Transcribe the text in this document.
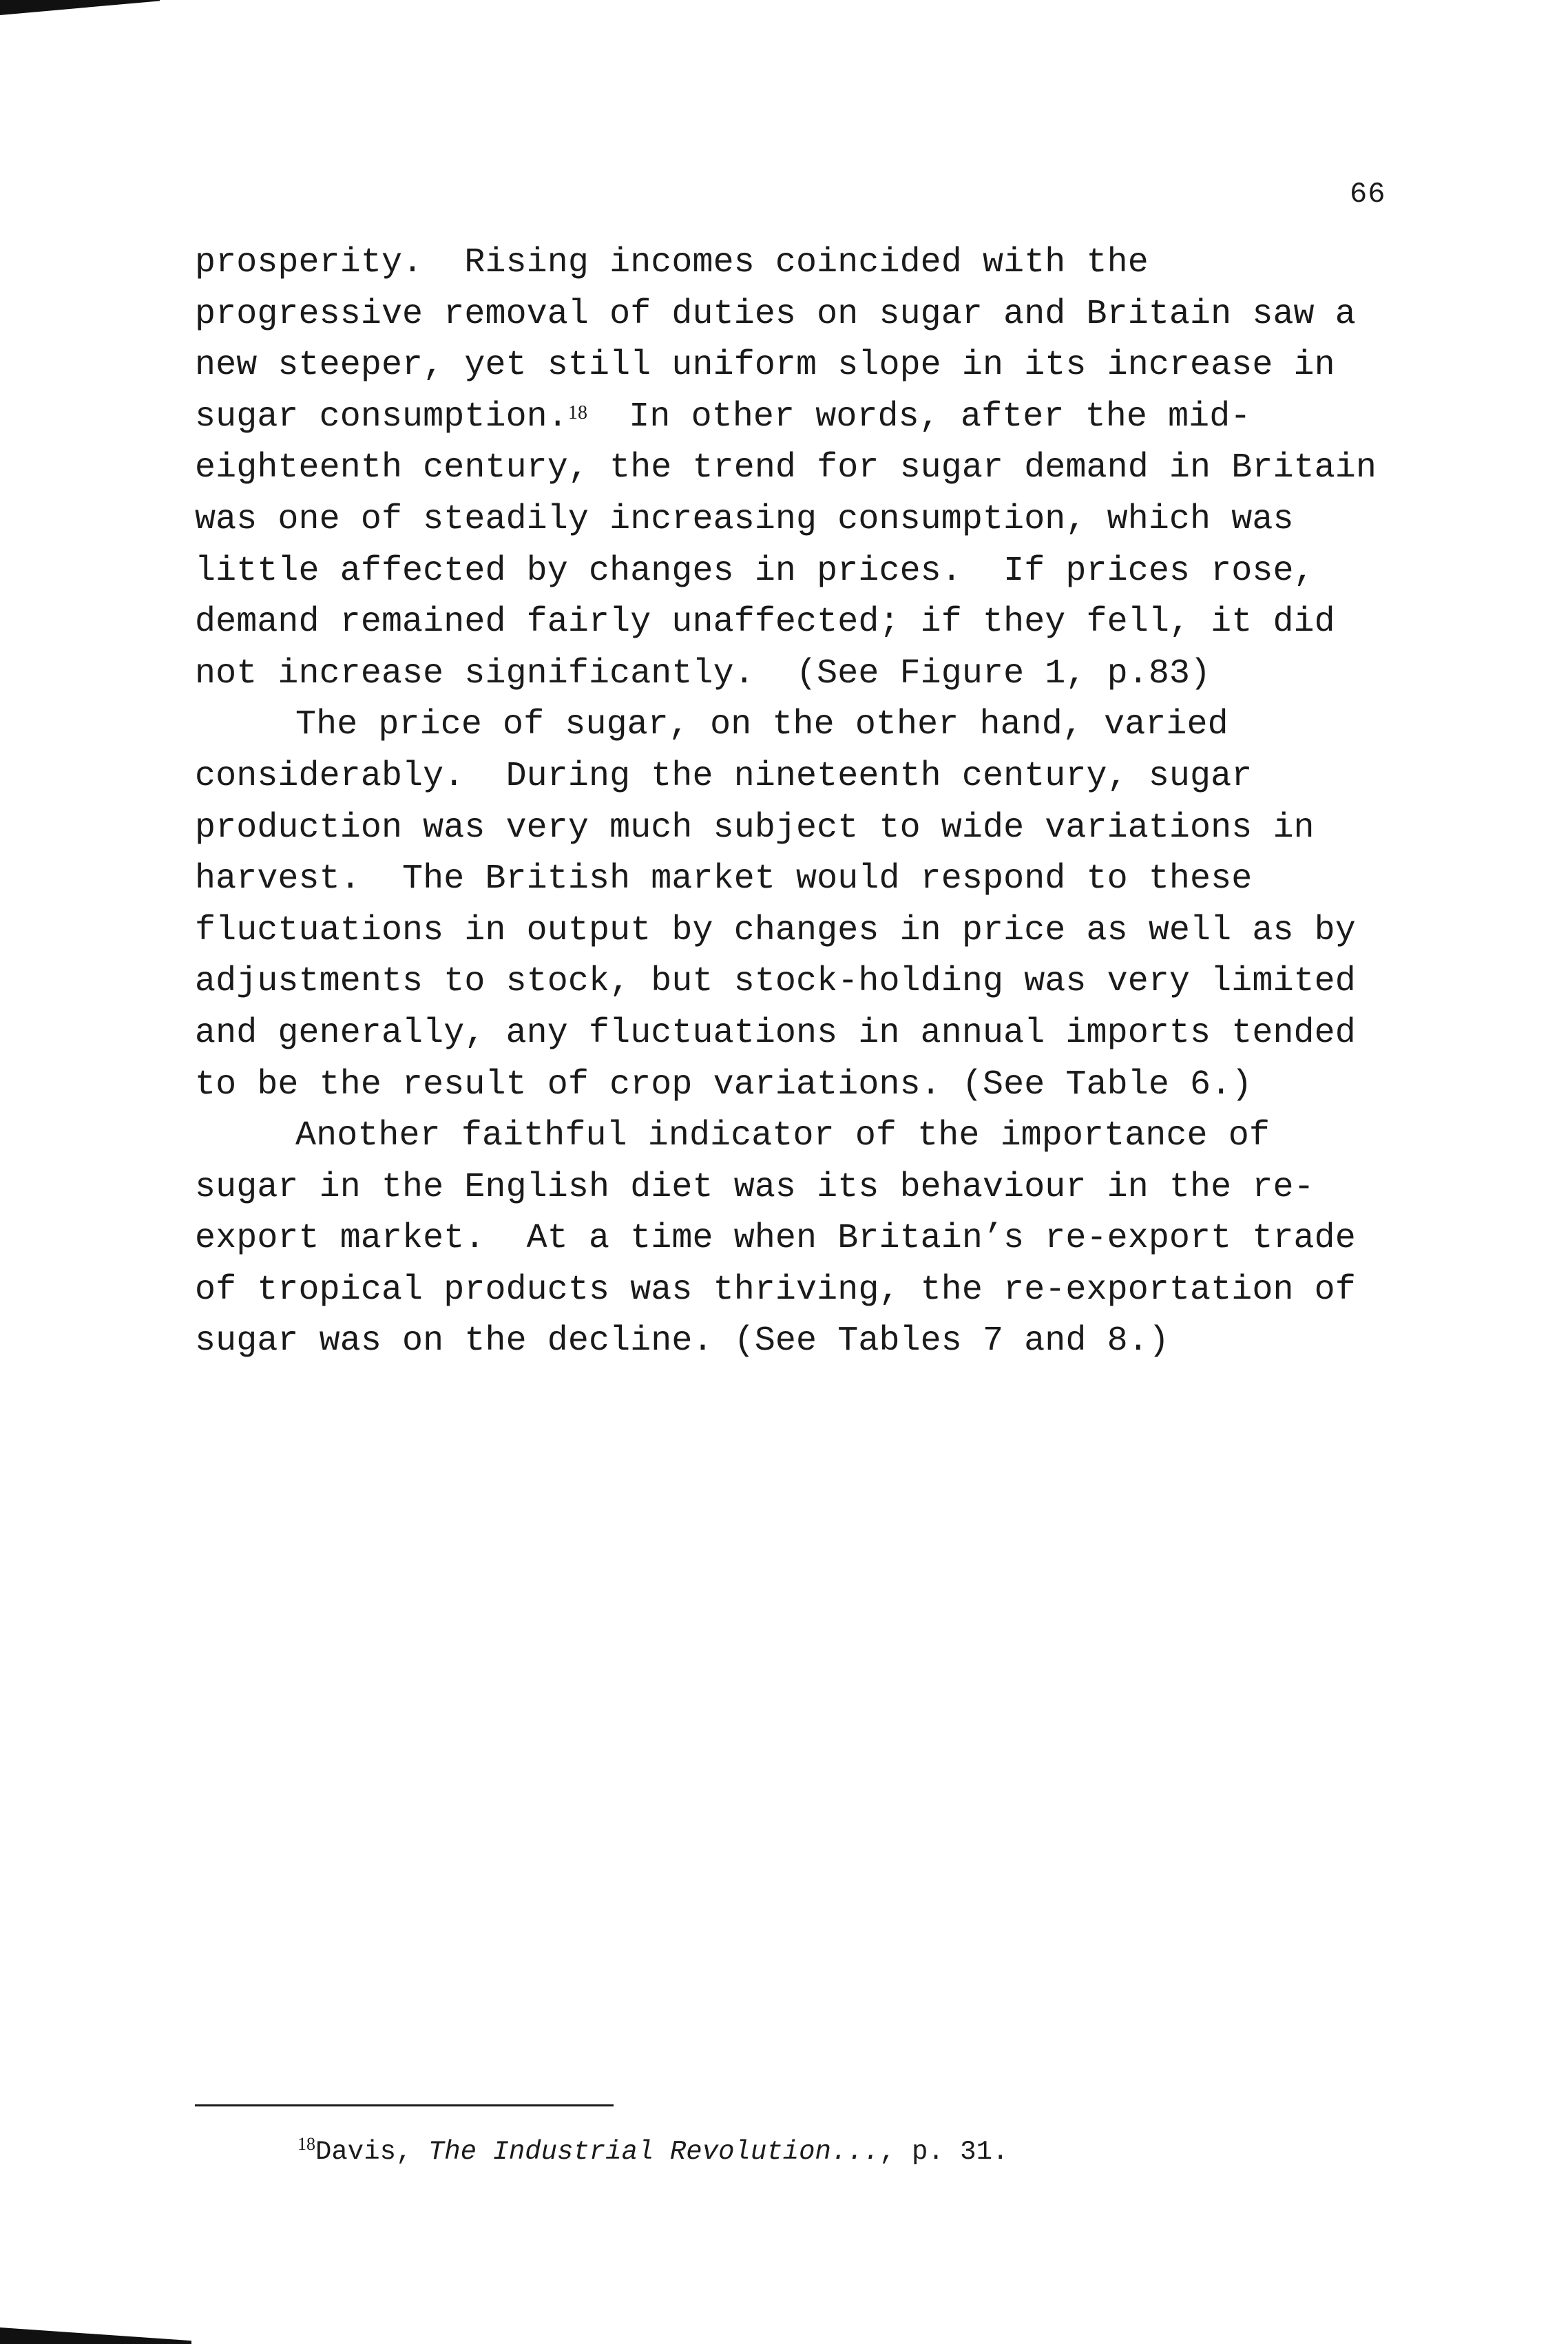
66

prosperity.  Rising incomes coincided with the
progressive removal of duties on sugar and Britain saw a
new steeper, yet still uniform slope in its increase in
sugar consumption.$^{18}$  In other words, after the mid-
eighteenth century, the trend for sugar demand in Britain
was one of steadily increasing consumption, which was
little affected by changes in prices.  If prices rose,
demand remained fairly unaffected; if they fell, it did
not increase significantly.  (See Figure 1, p.83)

The price of sugar, on the other hand, varied
considerably.  During the nineteenth century, sugar
production was very much subject to wide variations in
harvest.  The British market would respond to these
fluctuations in output by changes in price as well as by
adjustments to stock, but stock-holding was very limited
and generally, any fluctuations in annual imports tended
to be the result of crop variations. (See Table 6.)

Another faithful indicator of the importance of
sugar in the English diet was its behaviour in the re-
export market.  At a time when Britain’s re-export trade
of tropical products was thriving, the re-exportation of
sugar was on the decline. (See Tables 7 and 8.)

$^{18}$Davis, The Industrial Revolution..., p. 31.
